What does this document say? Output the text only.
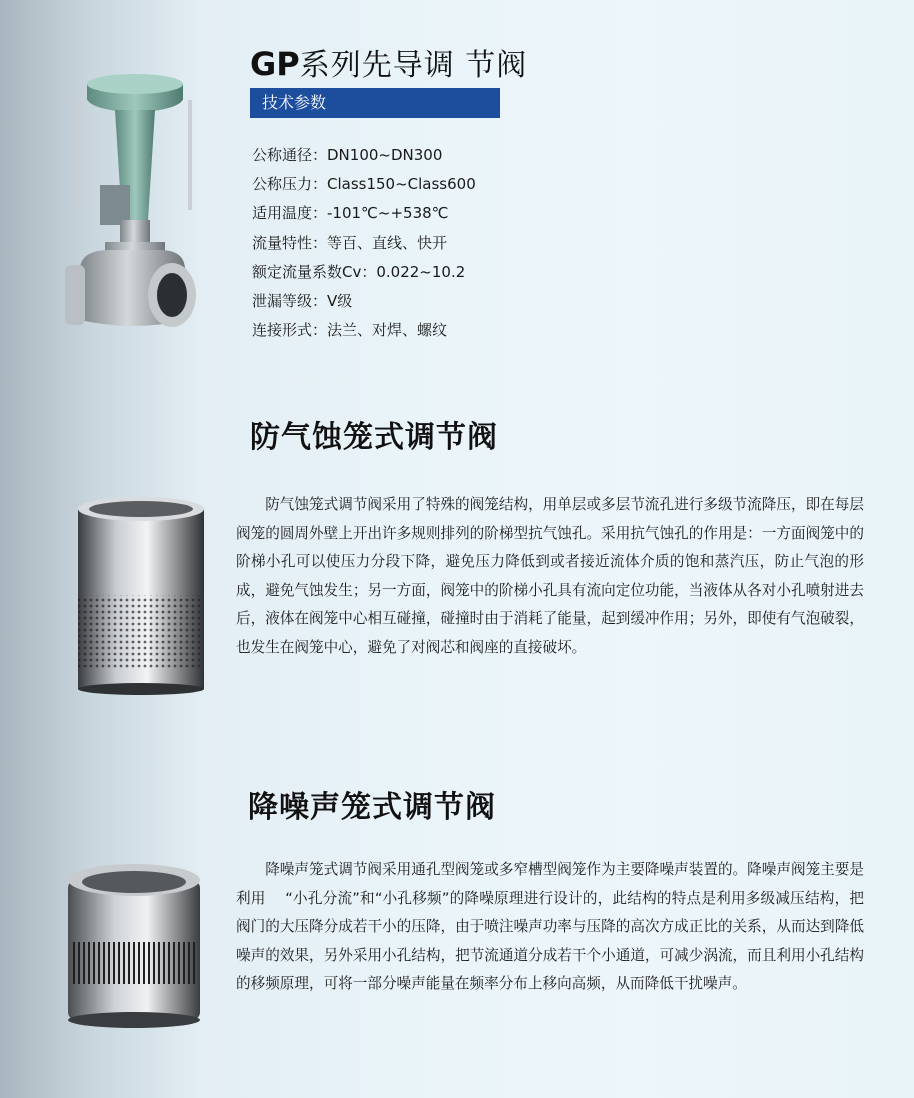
GP系列先导调 节阀
技术参数
公称通径：DN100~DN300
公称压力：Class150~Class600
适用温度：-101℃~+538℃
流量特性：等百、直线、快开
额定流量系数Cv：0.022~10.2
泄漏等级：Ⅴ级
连接形式：法兰、对焊、螺纹
防气蚀笼式调节阀
防气蚀笼式调节阀采用了特殊的阀笼结构，用单层或多层节流孔进行多级节流降压，即在每层阀笼的圆周外壁上开出许多规则排列的阶梯型抗气蚀孔。采用抗气蚀孔的作用是：一方面阀笼中的阶梯小孔可以使压力分段下降，避免压力降低到或者接近流体介质的饱和蒸汽压，防止气泡的形成，避免气蚀发生；另一方面，阀笼中的阶梯小孔具有流向定位功能，当液体从各对小孔喷射进去后，液体在阀笼中心相互碰撞，碰撞时由于消耗了能量，起到缓冲作用；另外，即使有气泡破裂，也发生在阀笼中心，避免了对阀芯和阀座的直接破坏。
降噪声笼式调节阀
降噪声笼式调节阀采用通孔型阀笼或多窄槽型阀笼作为主要降噪声装置的。降噪声阀笼主要是利用　 “小孔分流”和“小孔移频”的降噪原理进行设计的，此结构的特点是利用多级减压结构，把阀门的大压降分成若干小的压降，由于喷注噪声功率与压降的高次方成正比的关系，从而达到降低噪声的效果，另外采用小孔结构，把节流通道分成若干个小通道，可减少涡流，而且利用小孔结构的移频原理，可将一部分噪声能量在频率分布上移向高频，从而降低干扰噪声。
